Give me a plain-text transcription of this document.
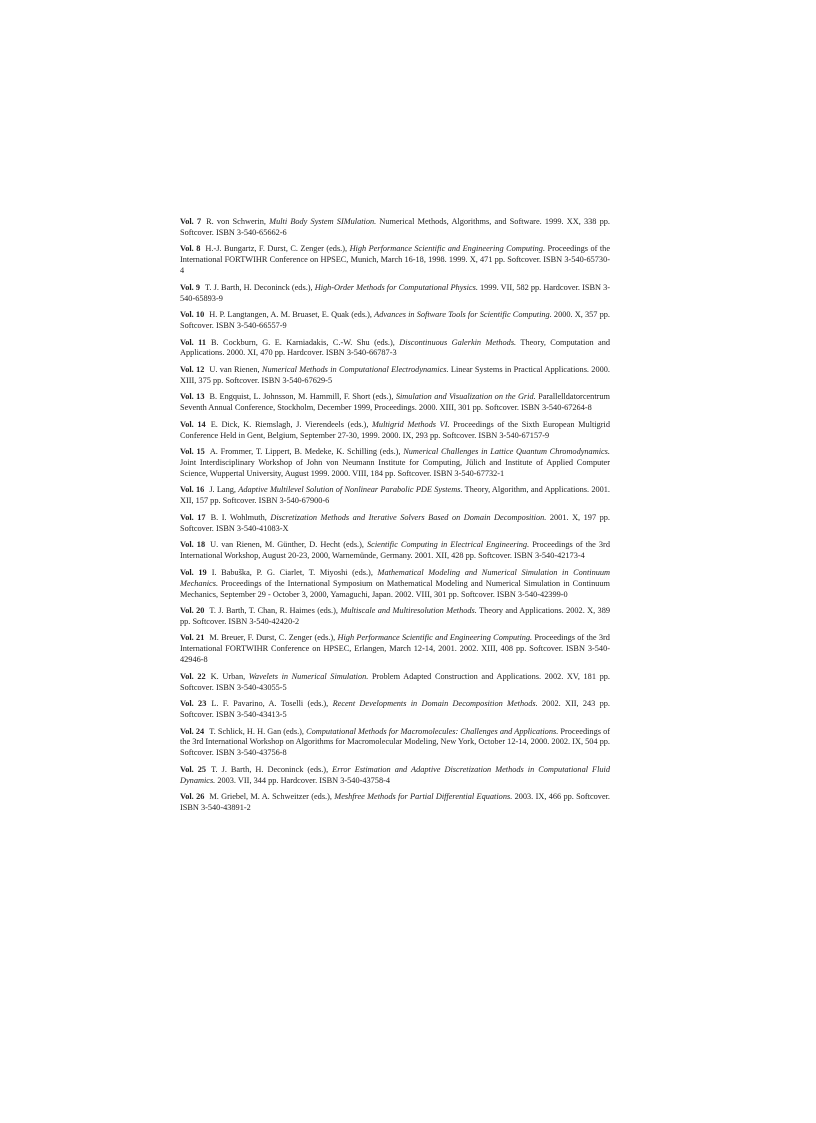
Vol. 7 R. von Schwerin, Multi Body System SIMulation. Numerical Methods, Algorithms, and Software. 1999. XX, 338 pp. Softcover. ISBN 3-540-65662-6

Vol. 8 H.-J. Bungartz, F. Durst, C. Zenger (eds.), High Performance Scientific and Engineering Computing. Proceedings of the International FORTWIHR Conference on HPSEC, Munich, March 16-18, 1998. 1999. X, 471 pp. Softcover. ISBN 3-540-65730-4

Vol. 9 T. J. Barth, H. Deconinck (eds.), High-Order Methods for Computational Physics. 1999. VII, 582 pp. Hardcover. ISBN 3-540-65893-9

Vol. 10 H. P. Langtangen, A. M. Bruaset, E. Quak (eds.), Advances in Software Tools for Scientific Computing. 2000. X, 357 pp. Softcover. ISBN 3-540-66557-9

Vol. 11 B. Cockburn, G. E. Karniadakis, C.-W. Shu (eds.), Discontinuous Galerkin Methods. Theory, Computation and Applications. 2000. XI, 470 pp. Hardcover. ISBN 3-540-66787-3

Vol. 12 U. van Rienen, Numerical Methods in Computational Electrodynamics. Linear Systems in Practical Applications. 2000. XIII, 375 pp. Softcover. ISBN 3-540-67629-5

Vol. 13 B. Engquist, L. Johnsson, M. Hammill, F. Short (eds.), Simulation and Visualization on the Grid. Parallelldatorcentrum Seventh Annual Conference, Stockholm, December 1999, Proceedings. 2000. XIII, 301 pp. Softcover. ISBN 3-540-67264-8

Vol. 14 E. Dick, K. Riemslagh, J. Vierendeels (eds.), Multigrid Methods VI. Proceedings of the Sixth European Multigrid Conference Held in Gent, Belgium, September 27-30, 1999. 2000. IX, 293 pp. Softcover. ISBN 3-540-67157-9

Vol. 15 A. Frommer, T. Lippert, B. Medeke, K. Schilling (eds.), Numerical Challenges in Lattice Quantum Chromodynamics. Joint Interdisciplinary Workshop of John von Neumann Institute for Computing, Jülich and Institute of Applied Computer Science, Wuppertal University, August 1999. 2000. VIII, 184 pp. Softcover. ISBN 3-540-67732-1

Vol. 16 J. Lang, Adaptive Multilevel Solution of Nonlinear Parabolic PDE Systems. Theory, Algorithm, and Applications. 2001. XII, 157 pp. Softcover. ISBN 3-540-67900-6

Vol. 17 B. I. Wohlmuth, Discretization Methods and Iterative Solvers Based on Domain Decomposition. 2001. X, 197 pp. Softcover. ISBN 3-540-41083-X

Vol. 18 U. van Rienen, M. Günther, D. Hecht (eds.), Scientific Computing in Electrical Engineering. Proceedings of the 3rd International Workshop, August 20-23, 2000, Warnemünde, Germany. 2001. XII, 428 pp. Softcover. ISBN 3-540-42173-4

Vol. 19 I. Babuška, P. G. Ciarlet, T. Miyoshi (eds.), Mathematical Modeling and Numerical Simulation in Continuum Mechanics. Proceedings of the International Symposium on Mathematical Modeling and Numerical Simulation in Continuum Mechanics, September 29 - October 3, 2000, Yamaguchi, Japan. 2002. VIII, 301 pp. Softcover. ISBN 3-540-42399-0

Vol. 20 T. J. Barth, T. Chan, R. Haimes (eds.), Multiscale and Multiresolution Methods. Theory and Applications. 2002. X, 389 pp. Softcover. ISBN 3-540-42420-2

Vol. 21 M. Breuer, F. Durst, C. Zenger (eds.), High Performance Scientific and Engineering Computing. Proceedings of the 3rd International FORTWIHR Conference on HPSEC, Erlangen, March 12-14, 2001. 2002. XIII, 408 pp. Softcover. ISBN 3-540-42946-8

Vol. 22 K. Urban, Wavelets in Numerical Simulation. Problem Adapted Construction and Applications. 2002. XV, 181 pp. Softcover. ISBN 3-540-43055-5

Vol. 23 L. F. Pavarino, A. Toselli (eds.), Recent Developments in Domain Decomposition Methods. 2002. XII, 243 pp. Softcover. ISBN 3-540-43413-5

Vol. 24 T. Schlick, H. H. Gan (eds.), Computational Methods for Macromolecules: Challenges and Applications. Proceedings of the 3rd International Workshop on Algorithms for Macromolecular Modeling, New York, October 12-14, 2000. 2002. IX, 504 pp. Softcover. ISBN 3-540-43756-8

Vol. 25 T. J. Barth, H. Deconinck (eds.), Error Estimation and Adaptive Discretization Methods in Computational Fluid Dynamics. 2003. VII, 344 pp. Hardcover. ISBN 3-540-43758-4

Vol. 26 M. Griebel, M. A. Schweitzer (eds.), Meshfree Methods for Partial Differential Equations. 2003. IX, 466 pp. Softcover. ISBN 3-540-43891-2
